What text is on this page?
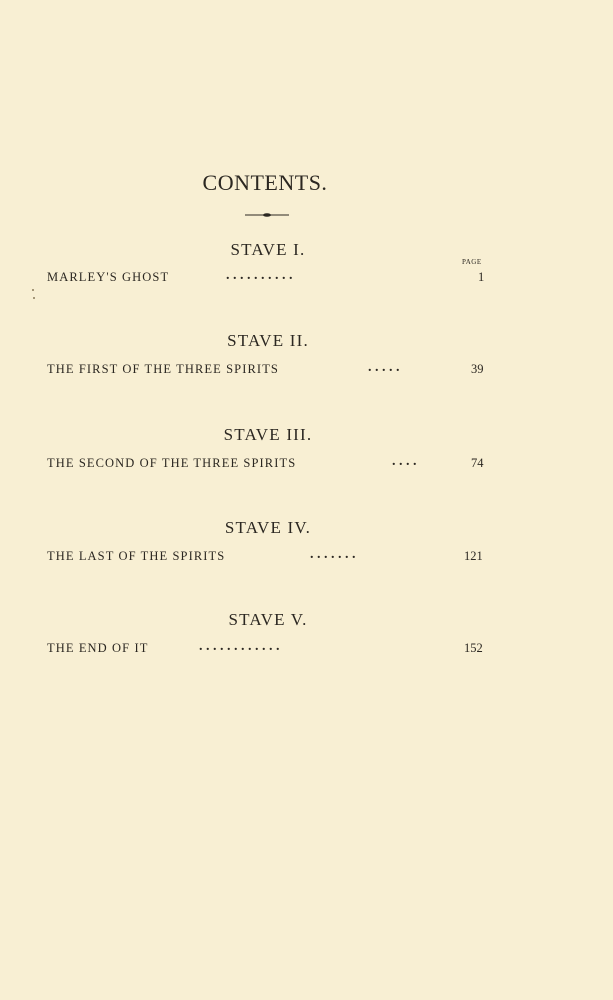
CONTENTS.
STAVE I.
PAGE
MARLEY'S GHOST	. . . . . . . . . .	1
STAVE II.
THE FIRST OF THE THREE SPIRITS	. . . . .	39
STAVE III.
THE SECOND OF THE THREE SPIRITS	. . . .	74
STAVE IV.
THE LAST OF THE SPIRITS	. . . . . . .	121
STAVE V.
THE END OF IT	. . . . . . . . . . . .	152
